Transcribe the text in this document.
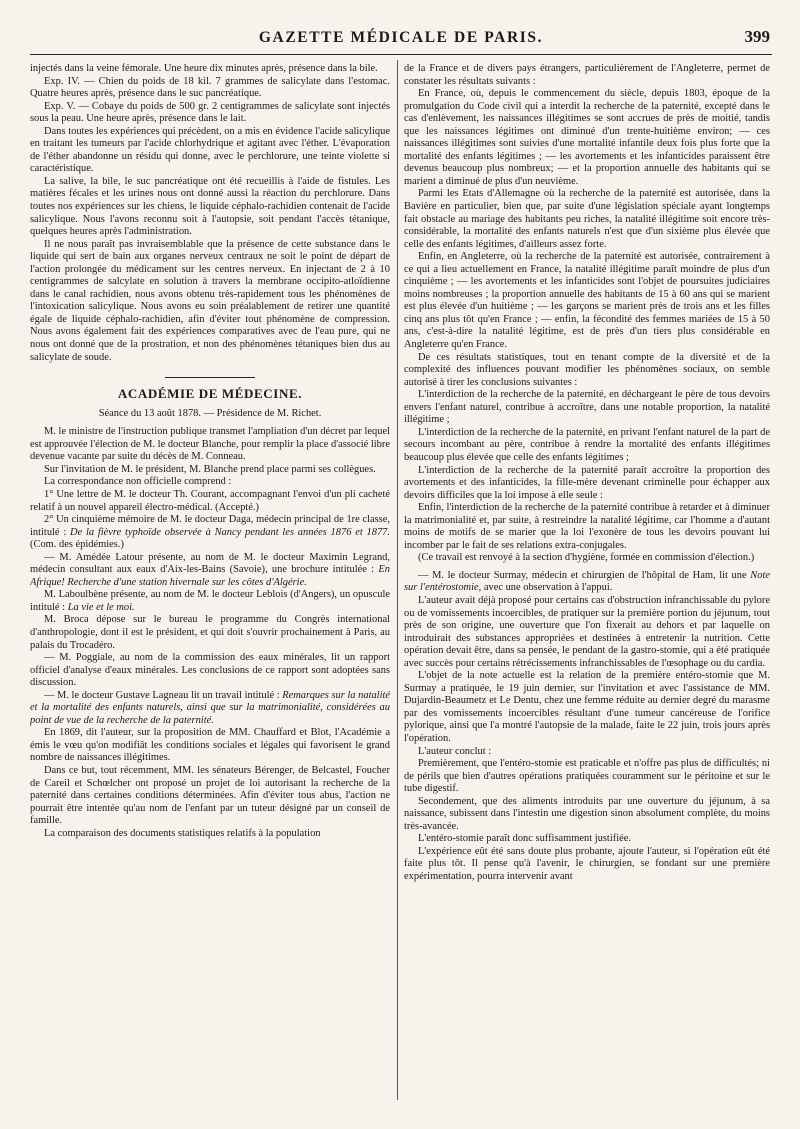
GAZETTE MÉDICALE DE PARIS.	399

injectés dans la veine fémorale. Une heure dix minutes après, présence dans la bile.

Exp. IV. — Chien du poids de 18 kil. 7 grammes de salicylate dans l'estomac. Quatre heures après, présence dans le suc pancréatique.

Exp. V. — Cobaye du poids de 500 gr. 2 centigrammes de salicylate sont injectés sous la peau. Une heure après, présence dans le lait.

Dans toutes les expériences qui précèdent, on a mis en évidence l'acide salicylique en traitant les tumeurs par l'acide chlorhydrique et agitant avec l'éther. L'évaporation de l'éther abandonne un résidu qui donne, avec le perchlorure, une teinte violette si caractéristique.

La salive, la bile, le suc pancréatique ont été recueillis à l'aide de fistules. Les matières fécales et les urines nous ont donné aussi la réaction du perchlorure. Dans toutes nos expériences sur les chiens, le liquide céphalo-rachidien contenait de l'acide salicylique. Nous l'avons reconnu soit à l'autopsie, soit pendant l'accès tétanique, quelques heures après l'administration.

Il ne nous paraît pas invraisemblable que la présence de cette substance dans le liquide qui sert de bain aux organes nerveux centraux ne soit le point de départ de l'action prolongée du médicament sur les centres nerveux. En injectant de 2 à 10 centigrammes de salcylate en solution à travers la membrane occipito-atloïdienne dans le canal rachidien, nous avons obtenu très-rapidement tous les phénomènes de l'intoxication salicylique. Nous avons eu soin préalablement de retirer une quantité égale de liquide céphalo-rachidien, afin d'éviter tout phénomène de compression. Nous avons également fait des expériences comparatives avec de l'eau pure, qui ne nous ont donné que de la prostration, et non des phénomènes tétaniques bien dus au salicylate de soude.

ACADÉMIE DE MÉDECINE.
Séance du 13 août 1878. — Présidence de M. Richet.

M. le ministre de l'instruction publique transmet l'ampliation d'un décret par lequel est approuvée l'élection de M. le docteur Blanche, pour remplir la place d'associé libre devenue vacante par suite du décès de M. Conneau.

Sur l'invitation de M. le président, M. Blanche prend place parmi ses collègues.

La correspondance non officielle comprend :

1° Une lettre de M. le docteur Th. Courant, accompagnant l'envoi d'un pli cacheté relatif à un nouvel appareil électro-médical. (Accepté.)

2° Un cinquième mémoire de M. le docteur Daga, médecin principal de 1re classe, intitulé : De la fièvre typhoïde observée à Nancy pendant les années 1876 et 1877. (Com. des épidémies.)

— M. Amédée Latour présente, au nom de M. le docteur Maximin Legrand, médecin consultant aux eaux d'Aix-les-Bains (Savoie), une brochure intitulée : En Afrique! Recherche d'une station hivernale sur les côtes d'Algérie.

M. Laboulbène présente, au nom de M. le docteur Leblois (d'Angers), un opuscule intitulé : La vie et le moi.

M. Broca dépose sur le bureau le programme du Congrès international d'anthropologie, dont il est le président, et qui doit s'ouvrir prochainement à Paris, au palais du Trocadéro.

— M. Poggiale, au nom de la commission des eaux minérales, lit un rapport officiel d'analyse d'eaux minérales. Les conclusions de ce rapport sont adoptées sans discussion.

— M. le docteur Gustave Lagneau lit un travail intitulé : Remarques sur la natalité et la mortalité des enfants naturels, ainsi que sur la matrimonialité, considérées au point de vue de la recherche de la paternité.

En 1869, dit l'auteur, sur la proposition de MM. Chauffard et Blot, l'Académie a émis le vœu qu'on modifiât les conditions sociales et légales qui favorisent le grand nombre de naissances illégitimes.

Dans ce but, tout récemment, MM. les sénateurs Bérenger, de Belcastel, Foucher de Careil et Schœlcher ont proposé un projet de loi autorisant la recherche de la paternité dans certaines conditions déterminées. Afin d'éviter tous abus, l'action ne pourrait être intentée qu'au nom de l'enfant par un tuteur désigné par un conseil de famille.

La comparaison des documents statistiques relatifs à la population

de la France et de divers pays étrangers, particulièrement de l'Angleterre, permet de constater les résultats suivants :

En France, où, depuis le commencement du siècle, depuis 1803, époque de la promulgation du Code civil qui a interdit la recherche de la paternité, excepté dans le cas d'enlèvement, les naissances illégitimes se sont accrues de près de moitié, tandis que les naissances légitimes ont diminué d'un trente-huitième environ; — ces naissances illégitimes sont suivies d'une mortalité infantile deux fois plus forte que la mortalité des enfants légitimes ; — les avortements et les infanticides paraissent être devenus beaucoup plus nombreux; — et la proportion annuelle des habitants qui se marient a diminué de plus d'un neuvième.

Parmi les Etats d'Allemagne où la recherche de la paternité est autorisée, dans la Bavière en particulier, bien que, par suite d'une législation spéciale ayant longtemps fait obstacle au mariage des habitants peu riches, la natalité illégitime soit encore très-considérable, la mortalité des enfants naturels n'est que d'un sixième plus élevée que celle des enfants légitimes, d'ailleurs assez forte.

Enfin, en Angleterre, où la recherche de la paternité est autorisée, contrairement à ce qui a lieu actuellement en France, la natalité illégitime paraît moindre de plus d'un cinquième ; — les avortements et les infanticides sont l'objet de poursuites judiciaires moins nombreuses ; la proportion annuelle des habitants de 15 à 60 ans qui se marient est plus élevée d'un huitième ; — les garçons se marient près de trois ans et les filles cinq ans plus tôt qu'en France ; — enfin, la fécondité des femmes mariées de 15 à 50 ans, c'est-à-dire la natalité légitime, est de près d'un tiers plus considérable en Angleterre qu'en France.

De ces résultats statistiques, tout en tenant compte de la diversité et de la complexité des influences pouvant modifier les phénomènes sociaux, on semble autorisé à tirer les conclusions suivantes :

L'interdiction de la recherche de la paternité, en déchargeant le père de tous devoirs envers l'enfant naturel, contribue à accroître, dans une notable proportion, la natalité illégitime ;

L'interdiction de la recherche de la paternité, en privant l'enfant naturel de la part de secours incombant au père, contribue à rendre la mortalité des enfants illégitimes beaucoup plus élevée que celle des enfants légitimes ;

L'interdiction de la recherche de la paternité paraît accroître la proportion des avortements et des infanticides, la fille-mère devenant criminelle pour échapper aux devoirs difficiles que la loi impose à elle seule :

Enfin, l'interdiction de la recherche de la paternité contribue à retarder et à diminuer la matrimonialité et, par suite, à restreindre la natalité légitime, car l'homme a d'autant moins de motifs de se marier que la loi l'exonère de tous les devoirs pouvant lui incomber par le fait de ses relations extra-conjugales.

(Ce travail est renvoyé à la section d'hygiène, formée en commission d'élection.)

— M. le docteur Surmay, médecin et chirurgien de l'hôpital de Ham, lit une Note sur l'entérostomie, avec une observation à l'appui.

L'auteur avait déjà proposé pour certains cas d'obstruction infranchissable du pylore ou de vomissements incoercibles, de pratiquer sur la première portion du jéjunum, tout près de son origine, une ouverture que l'on fixerait au dehors et par laquelle on introduirait des substances appropriées et destinées à entretenir la nutrition. Cette opération devait être, dans sa pensée, le pendant de la gastro-stomie, qui a été pratiquée avec succès pour certains rétrécissements infranchissables de l'œsophage ou du cardia.

L'objet de la note actuelle est la relation de la première entéro-stomie que M. Surmay a pratiquée, le 19 juin dernier, sur l'invitation et avec l'assistance de MM. Dujardin-Beaumetz et Le Dentu, chez une femme réduite au dernier degré du marasme par des vomissements incoercibles résultant d'une tumeur cancéreuse de l'orifice pylorique, ainsi que l'a montré l'autopsie de la malade, faite le 22 juin, trois jours après l'opération.

L'auteur conclut :

Premièrement, que l'entéro-stomie est praticable et n'offre pas plus de difficultés; ni de périls que bien d'autres opérations pratiquées couramment sur le péritoine et sur le tube digestif.

Secondement, que des aliments introduits par une ouverture du jéjunum, à sa naissance, subissent dans l'intestin une digestion sinon absolument complète, du moins très-avancée.

L'entéro-stomie paraît donc suffisamment justifiée.

L'expérience eût été sans doute plus probante, ajoute l'auteur, si l'opération eût été faite plus tôt. Il pense qu'à l'avenir, le chirurgien, se fondant sur une première expérimentation, pourra intervenir avant
